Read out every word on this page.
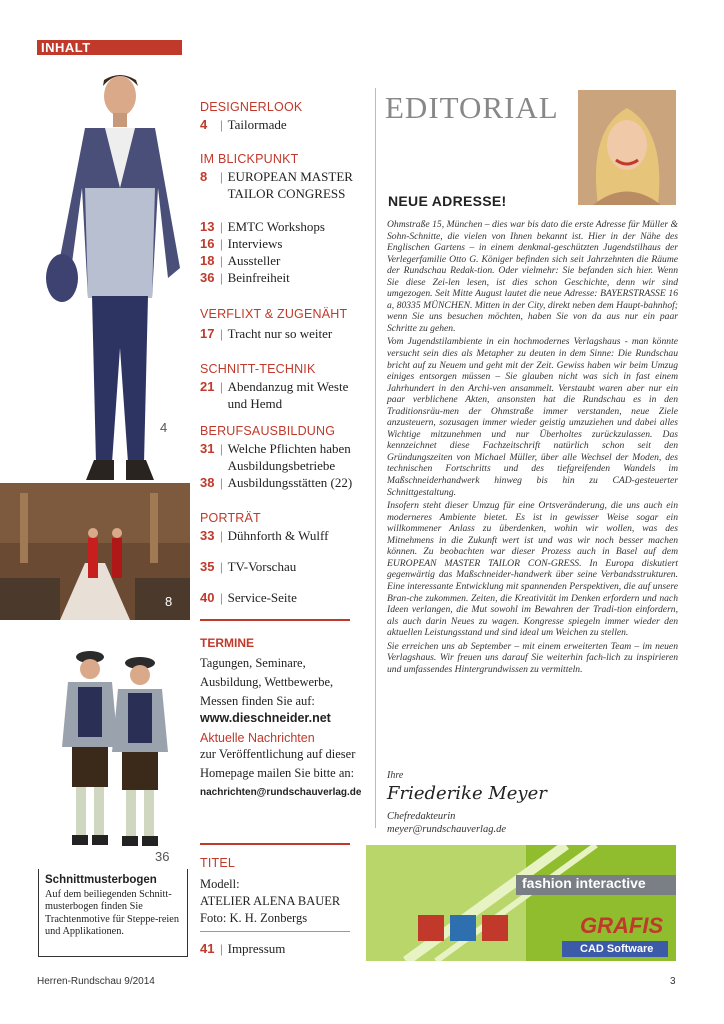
INHALT
4
8
36
Schnittmusterbogen
Auf dem beiliegenden Schnitt-musterbogen finden Sie Trachtenmotive für Steppe-reien und Applikationen.
DESIGNERLOOK
4 | Tailormade
IM BLICKPUNKT
8 | EUROPEAN MASTER TAILOR CONGRESS
13 | EMTC Workshops
16 | Interviews
18 | Aussteller
36 | Beinfreiheit
VERFLIXT & ZUGENÄHT
17 | Tracht nur so weiter
SCHNITT-TECHNIK
21 | Abendanzug mit Weste und Hemd
BERUFSAUSBILDUNG
31 | Welche Pflichten haben Ausbildungsbetriebe
38 | Ausbildungsstätten (22)
PORTRÄT
33 | Dühnforth & Wulff
35 | TV-Vorschau
40 | Service-Seite
TERMINE
Tagungen, Seminare, Ausbildung, Wettbewerbe, Messen finden Sie auf:
www.dieschneider.net
Aktuelle Nachrichten
zur Veröffentlichung auf dieser Homepage mailen Sie bitte an:
nachrichten@rundschauverlag.de
TITEL
Modell:
ATELIER ALENA BAUER
Foto: K. H. Zonbergs
41 | Impressum
EDITORIAL
NEUE ADRESSE!

Ohmstraße 15, München – dies war bis dato die erste Adresse für Müller & Sohn-Schnitte, die vielen von Ihnen bekannt ist. Hier in der Nähe des Englischen Gartens – in einem denkmal-geschützten Jugendstilhaus der Verlegerfamilie Otto G. Königer befinden sich seit Jahrzehnten die Räume der Rundschau Redak-tion. Oder vielmehr: Sie befanden sich hier. Wenn Sie diese Zei-len lesen, ist dies schon Geschichte, denn wir sind umgezogen. Seit Mitte August lautet die neue Adresse: BAYERSTRASSE 16 a, 80335 MÜNCHEN. Mitten in der City, direkt neben dem Haupt-bahnhof; wenn Sie uns besuchen möchten, haben Sie von da aus nur ein paar Schritte zu gehen.

Vom Jugendstilambiente in ein hochmodernes Verlagshaus - man könnte versucht sein dies als Metapher zu deuten in dem Sinne: Die Rundschau bricht auf zu Neuem und geht mit der Zeit. Gewiss haben wir beim Umzug einiges entsorgen müssen – Sie glauben nicht was sich in fast einem Jahrhundert in den Archi-ven ansammelt. Verstaubt waren aber nur ein paar verblichene Akten, ansonsten hat die Rundschau es in den Traditionsräu-men der Ohmstraße immer verstanden, neue Ziele anzusteuern, sozusagen immer wieder geistig umzuziehen und dabei alles Wichtige mitzunehmen und nur Überholtes zurückzulassen. Das kennzeichnet diese Fachzeitschrift natürlich schon seit den Gründungszeiten von Michael Müller, über alle Wechsel der Moden, des technischen Fortschritts und des tiefgreifenden Wandels im Maßschneiderhandwerk hinweg bis hin zu CAD-gesteuerter Schnittgestaltung.

Insofern steht dieser Umzug für eine Ortsveränderung, die uns auch ein moderneres Ambiente bietet. Es ist in gewisser Weise sogar ein willkommener Anlass zu überdenken, wohin wir wollen, was des Mitnehmens in die Zukunft wert ist und was wir noch besser machen können. Zu beobachten war dieser Prozess auch in Basel auf dem EUROPEAN MASTER TAILOR CON-GRESS. In Europa diskutiert gegenwärtig das Maßschneider-handwerk über seine Verbandsstrukturen. Eine interessante Entwicklung mit spannenden Perspektiven, die auf unsere Bran-che zukommen. Zeiten, die Kreativität im Denken erfordern und nach Ideen verlangen, die Mut sowohl im Bewahren der Tradi-tion einfordern, als auch darin Neues zu wagen. Kongresse spiegeln immer wieder den aktuellen Leistungsstand und sind ideal um Weichen zu stellen.

Sie erreichen uns ab September – mit einem erweiterten Team – im neuen Verlagshaus. Wir freuen uns darauf Sie weiterhin fach-lich zu inspirieren und umfassendes Hintergrundwissen zu vermitteln.

Ihre
Friederike Meyer
Chefredakteurin
meyer@rundschauverlag.de
fashion interactive
GRAFIS
CAD Software
Herren-Rundschau 9/2014	3
